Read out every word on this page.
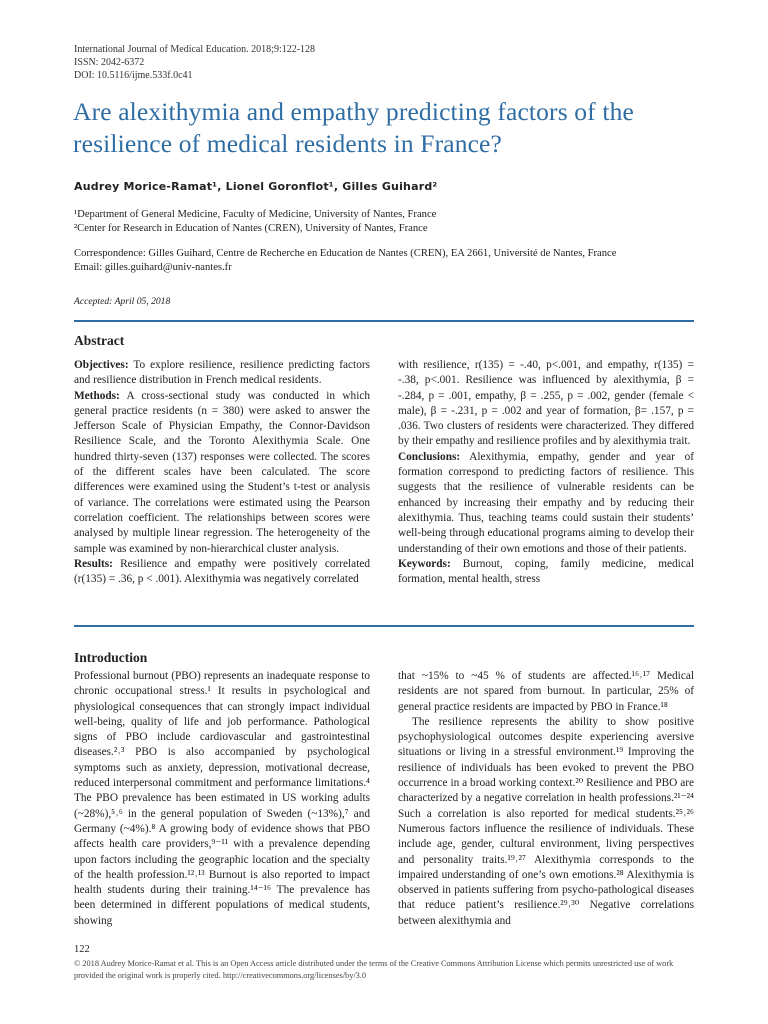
International Journal of Medical Education. 2018;9:122-128
ISSN: 2042-6372
DOI: 10.5116/ijme.533f.0c41
Are alexithymia and empathy predicting factors of the resilience of medical residents in France?
Audrey Morice-Ramat¹, Lionel Goronflot¹, Gilles Guihard²
¹Department of General Medicine, Faculty of Medicine, University of Nantes, France
²Center for Research in Education of Nantes (CREN), University of Nantes, France
Correspondence: Gilles Guihard, Centre de Recherche en Education de Nantes (CREN), EA 2661, Université de Nantes, France
Email: gilles.guihard@univ-nantes.fr
Accepted: April 05, 2018
Abstract

Objectives: To explore resilience, resilience predicting factors and resilience distribution in French medical residents.

Methods: A cross-sectional study was conducted in which general practice residents (n = 380) were asked to answer the Jefferson Scale of Physician Empathy, the Connor-Davidson Resilience Scale, and the Toronto Alexithymia Scale. One hundred thirty-seven (137) responses were collected. The scores of the different scales have been calculated. The score differences were examined using the Student’s t-test or analysis of variance. The correlations were estimated using the Pearson correlation coefficient. The relationships between scores were analysed by multiple linear regression. The heterogeneity of the sample was examined by non-hierarchical cluster analysis.

Results: Resilience and empathy were positively correlated (r(135) = .36, p < .001). Alexithymia was negatively correlated

with resilience, r(135) = -.40, p<.001, and empathy, r(135) = -.38, p<.001. Resilience was influenced by alexithymia, β = -.284, p = .001, empathy, β = .255, p = .002, gender (female < male), β = -.231, p = .002 and year of formation, β= .157, p = .036. Two clusters of residents were characterized. They differed by their empathy and resilience profiles and by alexithymia trait.

Conclusions: Alexithymia, empathy, gender and year of formation correspond to predicting factors of resilience. This suggests that the resilience of vulnerable residents can be enhanced by increasing their empathy and by reducing their alexithymia. Thus, teaching teams could sustain their students’ well-being through educational programs aiming to develop their understanding of their own emotions and those of their patients.

Keywords: Burnout, coping, family medicine, medical formation, mental health, stress

Introduction

Professional burnout (PBO) represents an inadequate response to chronic occupational stress.¹ It results in psychological and physiological consequences that can strongly impact individual well-being, quality of life and job performance. Pathological signs of PBO include cardiovascular and gastrointestinal diseases.²˒³ PBO is also accompanied by psychological symptoms such as anxiety, depression, motivational decrease, reduced interpersonal commitment and performance limitations.⁴ The PBO prevalence has been estimated in US working adults (~28%),⁵˒⁶ in the general population of Sweden (~13%),⁷ and Germany (~4%).⁸ A growing body of evidence shows that PBO affects health care providers,⁹⁻¹¹ with a prevalence depending upon factors including the geographic location and the specialty of the health profession.¹²˒¹³ Burnout is also reported to impact health students during their training.¹⁴⁻¹⁶ The prevalence has been determined in different populations of medical students, showing

that ~15% to ~45 % of students are affected.¹⁶˒¹⁷ Medical residents are not spared from burnout. In particular, 25% of general practice residents are impacted by PBO in France.¹⁸

The resilience represents the ability to show positive psychophysiological outcomes despite experiencing aversive situations or living in a stressful environment.¹⁹ Improving the resilience of individuals has been evoked to prevent the PBO occurrence in a broad working context.²⁰ Resilience and PBO are characterized by a negative correlation in health professions.²¹⁻²⁴ Such a correlation is also reported for medical students.²⁵˒²⁶ Numerous factors influence the resilience of individuals. These include age, gender, cultural environment, living perspectives and personality traits.¹⁹˒²⁷ Alexithymia corresponds to the impaired understanding of one’s own emotions.²⁸ Alexithymia is observed in patients suffering from psycho-pathological diseases that reduce patient’s resilience.²⁹˒³⁰ Negative correlations between alexithymia and

122
© 2018 Audrey Morice-Ramat et al. This is an Open Access article distributed under the terms of the Creative Commons Attribution License which permits unrestricted use of work provided the original work is properly cited. http://creativecommons.org/licenses/by/3.0
